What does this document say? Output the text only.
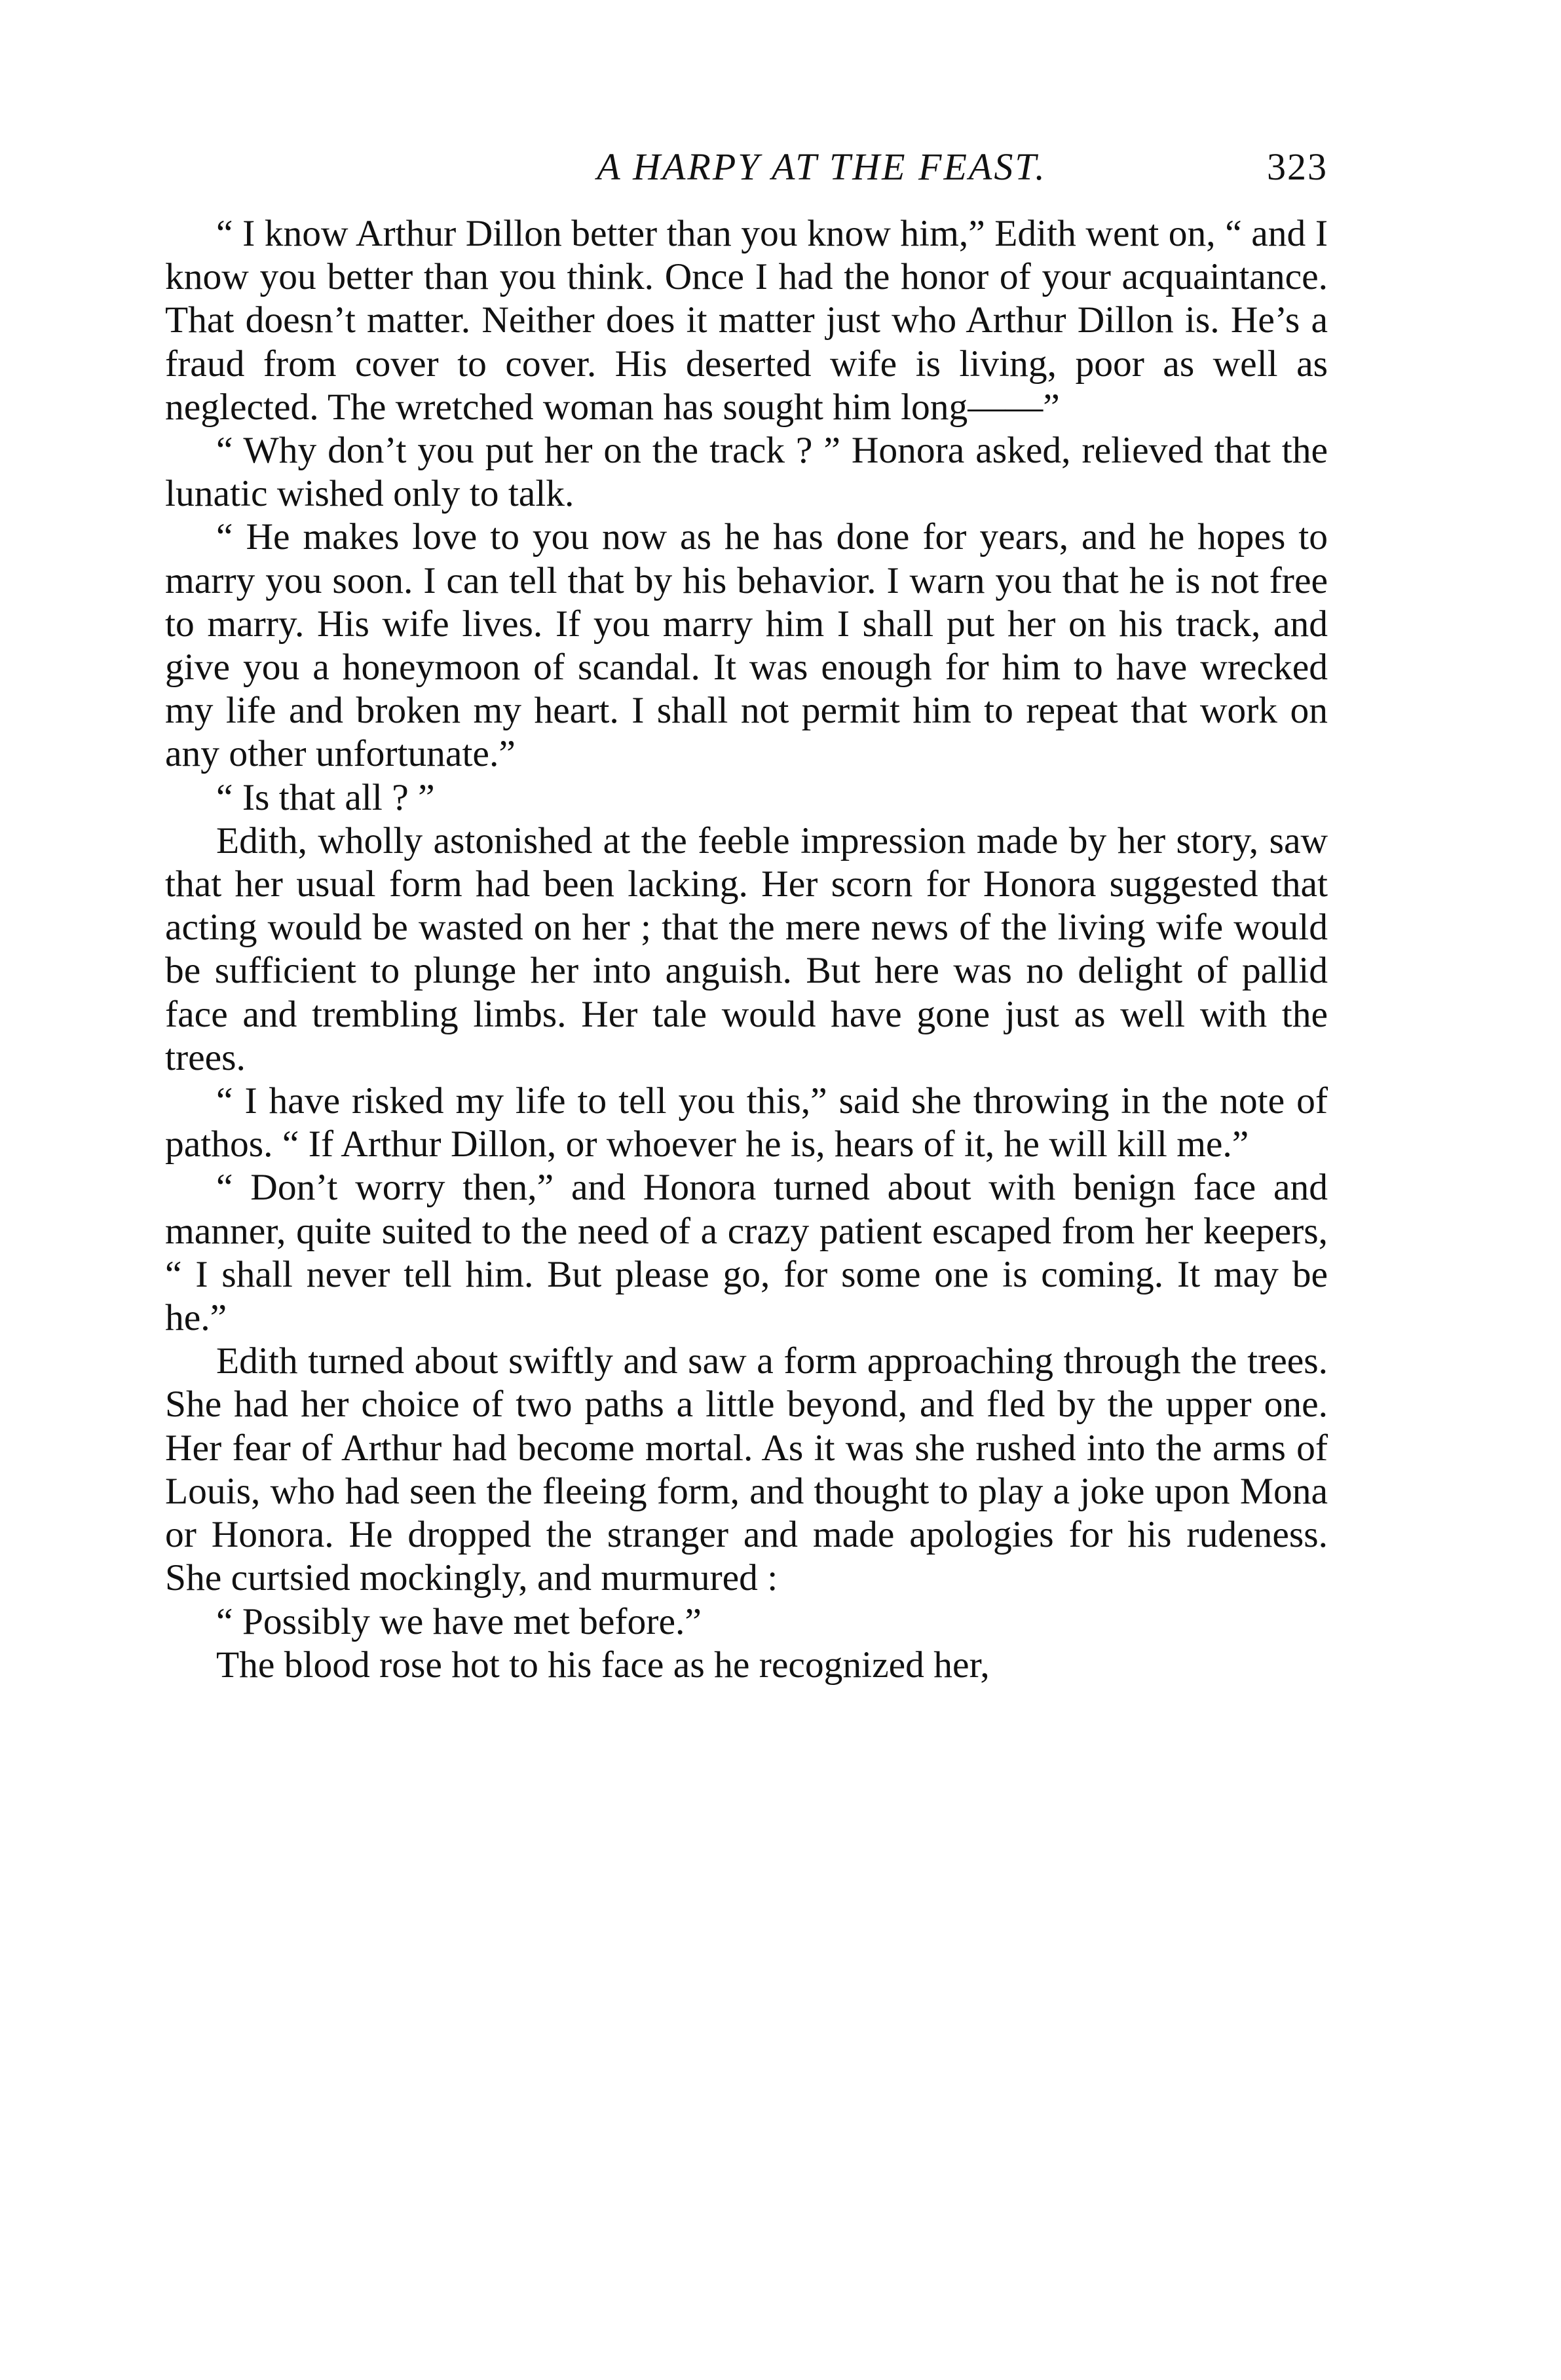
A HARPY AT THE FEAST.	323

“ I know Arthur Dillon better than you know him,” Edith went on, “ and I know you better than you think. Once I had the honor of your acquaintance. That doesn’t matter. Neither does it matter just who Arthur Dillon is. He’s a fraud from cover to cover. His deserted wife is living, poor as well as neglected. The wretched woman has sought him long——”

“ Why don’t you put her on the track ? ” Honora asked, relieved that the lunatic wished only to talk.

“ He makes love to you now as he has done for years, and he hopes to marry you soon. I can tell that by his behavior. I warn you that he is not free to marry. His wife lives. If you marry him I shall put her on his track, and give you a honeymoon of scandal. It was enough for him to have wrecked my life and broken my heart. I shall not permit him to repeat that work on any other unfortunate.”

“ Is that all ? ”

Edith, wholly astonished at the feeble impression made by her story, saw that her usual form had been lacking. Her scorn for Honora suggested that acting would be wasted on her ; that the mere news of the living wife would be sufficient to plunge her into anguish. But here was no delight of pallid face and trembling limbs. Her tale would have gone just as well with the trees.

“ I have risked my life to tell you this,” said she throwing in the note of pathos. “ If Arthur Dillon, or whoever he is, hears of it, he will kill me.”

“ Don’t worry then,” and Honora turned about with benign face and manner, quite suited to the need of a crazy patient escaped from her keepers, “ I shall never tell him. But please go, for some one is coming. It may be he.”

Edith turned about swiftly and saw a form approaching through the trees. She had her choice of two paths a little beyond, and fled by the upper one. Her fear of Arthur had become mortal. As it was she rushed into the arms of Louis, who had seen the fleeing form, and thought to play a joke upon Mona or Honora. He dropped the stranger and made apologies for his rudeness. She curtsied mockingly, and murmured :

“ Possibly we have met before.”

The blood rose hot to his face as he recognized her,
